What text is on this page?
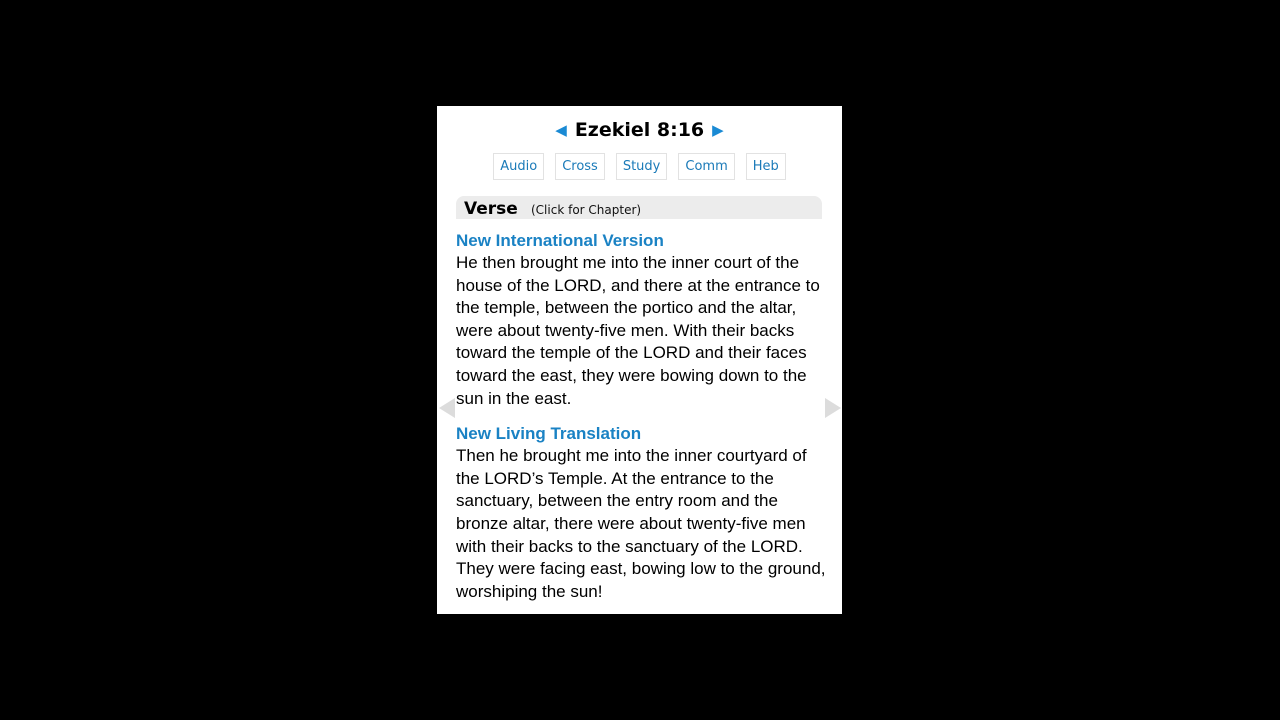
◀ Ezekiel 8:16 ▶
Audio	Cross	Study	Comm	Heb
Verse (Click for Chapter)
New International Version

He then brought me into the inner court of the house of the LORD, and there at the entrance to the temple, between the portico and the altar, were about twenty-five men. With their backs toward the temple of the LORD and their faces toward the east, they were bowing down to the sun in the east.

New Living Translation

Then he brought me into the inner courtyard of the LORD’s Temple. At the entrance to the sanctuary, between the entry room and the bronze altar, there were about twenty-five men with their backs to the sanctuary of the LORD. They were facing east, bowing low to the ground, worshiping the sun!
